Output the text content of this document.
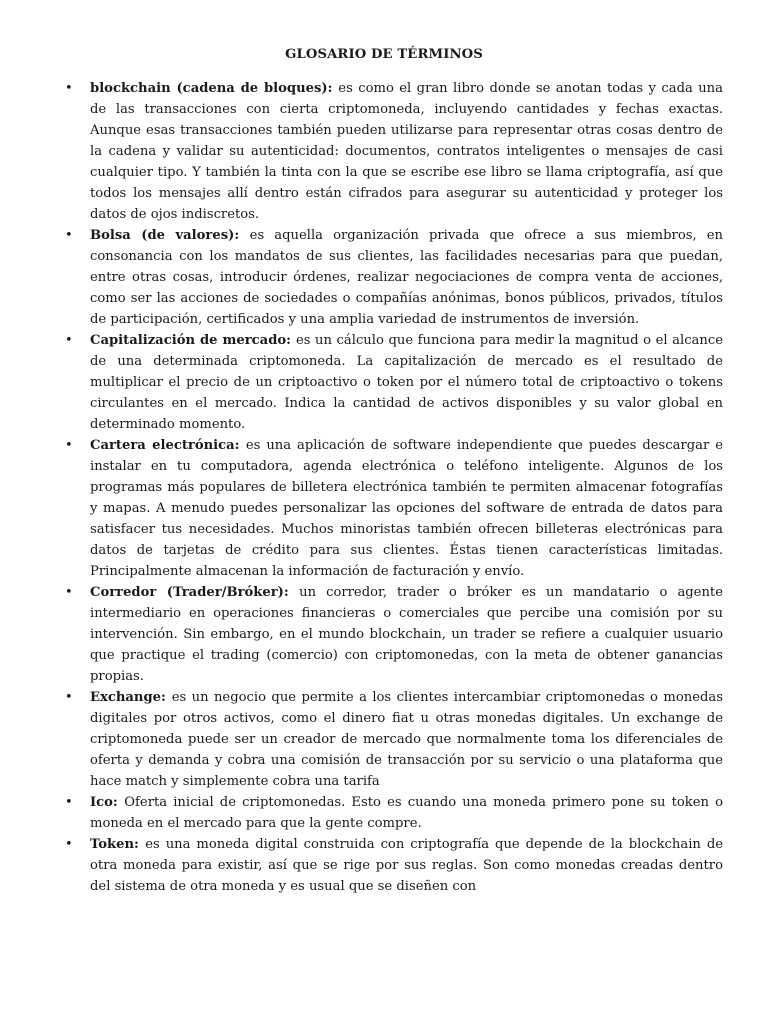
GLOSARIO DE TÉRMINOS
• blockchain (cadena de bloques): es como el gran libro donde se anotan todas y cada una de las transacciones con cierta criptomoneda, incluyendo cantidades y fechas exactas. Aunque esas transacciones también pueden utilizarse para representar otras cosas dentro de la cadena y validar su autenticidad: documentos, contratos inteligentes o mensajes de casi cualquier tipo. Y también la tinta con la que se escribe ese libro se llama criptografía, así que todos los mensajes allí dentro están cifrados para asegurar su autenticidad y proteger los datos de ojos indiscretos.
• Bolsa (de valores): es aquella organización privada que ofrece a sus miembros, en consonancia con los mandatos de sus clientes, las facilidades necesarias para que puedan, entre otras cosas, introducir órdenes, realizar negociaciones de compra venta de acciones, como ser las acciones de sociedades o compañías anónimas, bonos públicos, privados, títulos de participación, certificados y una amplia variedad de instrumentos de inversión.
• Capitalización de mercado: es un cálculo que funciona para medir la magnitud o el alcance de una determinada criptomoneda. La capitalización de mercado es el resultado de multiplicar el precio de un criptoactivo o token por el número total de criptoactivo o tokens circulantes en el mercado. Indica la cantidad de activos disponibles y su valor global en determinado momento.
• Cartera electrónica: es una aplicación de software independiente que puedes descargar e instalar en tu computadora, agenda electrónica o teléfono inteligente. Algunos de los programas más populares de billetera electrónica también te permiten almacenar fotografías y mapas. A menudo puedes personalizar las opciones del software de entrada de datos para satisfacer tus necesidades. Muchos minoristas también ofrecen billeteras electrónicas para datos de tarjetas de crédito para sus clientes. Éstas tienen características limitadas. Principalmente almacenan la información de facturación y envío.
• Corredor (Trader/Bróker): un corredor, trader o bróker es un mandatario o agente intermediario en operaciones financieras o comerciales que percibe una comisión por su intervención. Sin embargo, en el mundo blockchain, un trader se refiere a cualquier usuario que practique el trading (comercio) con criptomonedas, con la meta de obtener ganancias propias.
• Exchange: es un negocio que permite a los clientes intercambiar criptomonedas o monedas digitales por otros activos, como el dinero fiat u otras monedas digitales. Un exchange de criptomoneda puede ser un creador de mercado que normalmente toma los diferenciales de oferta y demanda y cobra una comisión de transacción por su servicio o una plataforma que hace match y simplemente cobra una tarifa
• Ico: Oferta inicial de criptomonedas. Esto es cuando una moneda primero pone su token o moneda en el mercado para que la gente compre.
• Token: es una moneda digital construida con criptografía que depende de la blockchain de otra moneda para existir, así que se rige por sus reglas. Son como monedas creadas dentro del sistema de otra moneda y es usual que se diseñen con
